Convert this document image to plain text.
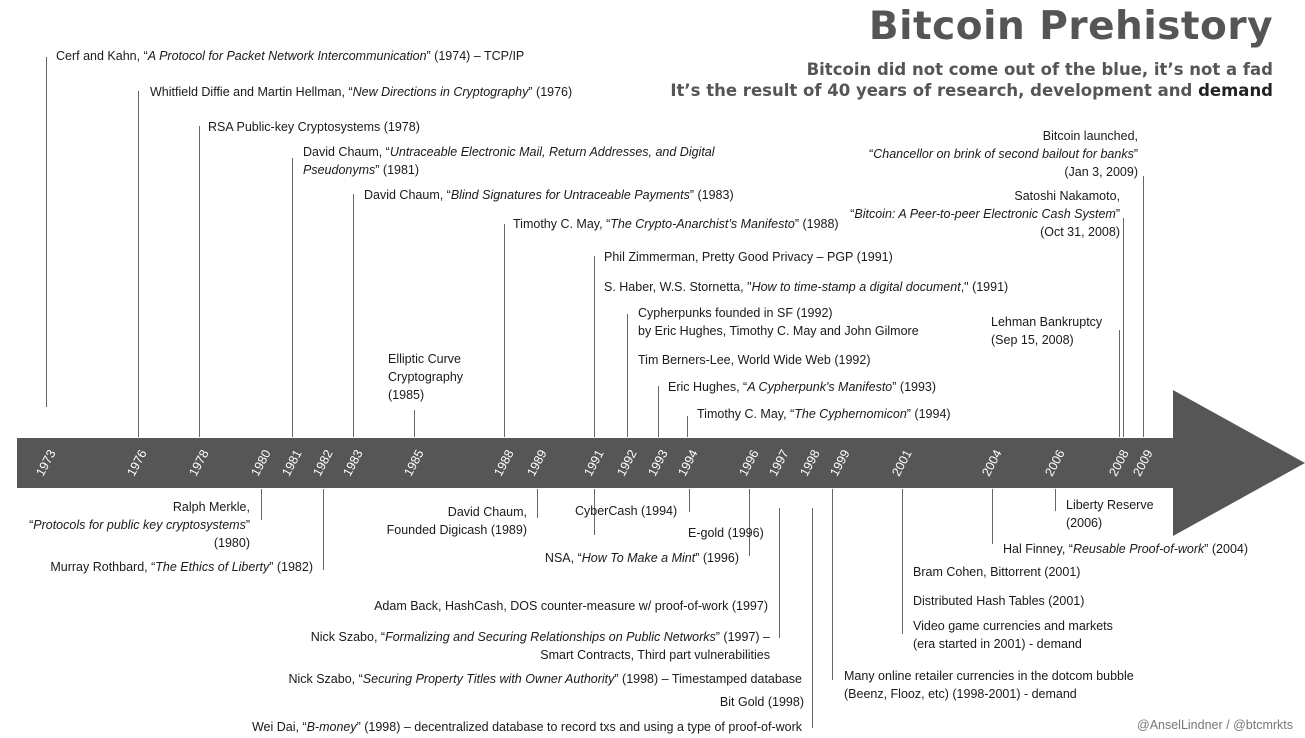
Bitcoin Prehistory
Bitcoin did not come out of the blue, it’s not a fad
It’s the result of 40 years of research, development and demand
1973	1976	1978	1980 1981 1982 1983	1985	1988 1989	1991 1992 1993 1994	1996 1997 1998 1999	2001	2004	2006	2008
2009
Cerf and Kahn, “A Protocol for Packet Network Intercommunication” (1974) – TCP/IP
Whitfield Diffie and Martin Hellman, “New Directions in Cryptography” (1976)
RSA Public-key Cryptosystems (1978)
David Chaum, “Untraceable Electronic Mail, Return Addresses, and Digital
Pseudonyms” (1981)
David Chaum, “Blind Signatures for Untraceable Payments” (1983)
Timothy C. May, “The Crypto-Anarchist’s Manifesto” (1988)
Phil Zimmerman, Pretty Good Privacy – PGP (1991)
S. Haber, W.S. Stornetta, "How to time-stamp a digital document," (1991)
Cypherpunks founded in SF (1992)
by Eric Hughes, Timothy C. May and John Gilmore
Tim Berners-Lee, World Wide Web (1992)
Eric Hughes, “A Cypherpunk's Manifesto” (1993)
Timothy C. May, “The Cyphernomicon” (1994)
Elliptic Curve
Cryptography
(1985)
Bitcoin launched,
“Chancellor on brink of second bailout for banks”
(Jan 3, 2009)
Satoshi Nakamoto,
“Bitcoin: A Peer-to-peer Electronic Cash System”
(Oct 31, 2008)
Lehman Bankruptcy
(Sep 15, 2008)
Ralph Merkle,
“Protocols for public key cryptosystems”
(1980)
Murray Rothbard, “The Ethics of Liberty” (1982)
David Chaum,
Founded Digicash (1989)
CyberCash (1994)
E-gold (1996)
NSA, “How To Make a Mint” (1996)
Adam Back, HashCash, DOS counter-measure w/ proof-of-work (1997)
Nick Szabo, “Formalizing and Securing Relationships on Public Networks” (1997) –
Smart Contracts, Third part vulnerabilities
Nick Szabo, “Securing Property Titles with Owner Authority” (1998) – Timestamped database
Bit Gold (1998)
Wei Dai, “B-money” (1998) – decentralized database to record txs and using a type of proof-of-work
Many online retailer currencies in the dotcom bubble
(Beenz, Flooz, etc) (1998-2001) - demand
Bram Cohen, Bittorrent (2001)
Distributed Hash Tables (2001)
Video game currencies and markets
(era started in 2001) - demand
Hal Finney, “Reusable Proof-of-work” (2004)
Liberty Reserve
(2006)
@AnselLindner / @btcmrkts
